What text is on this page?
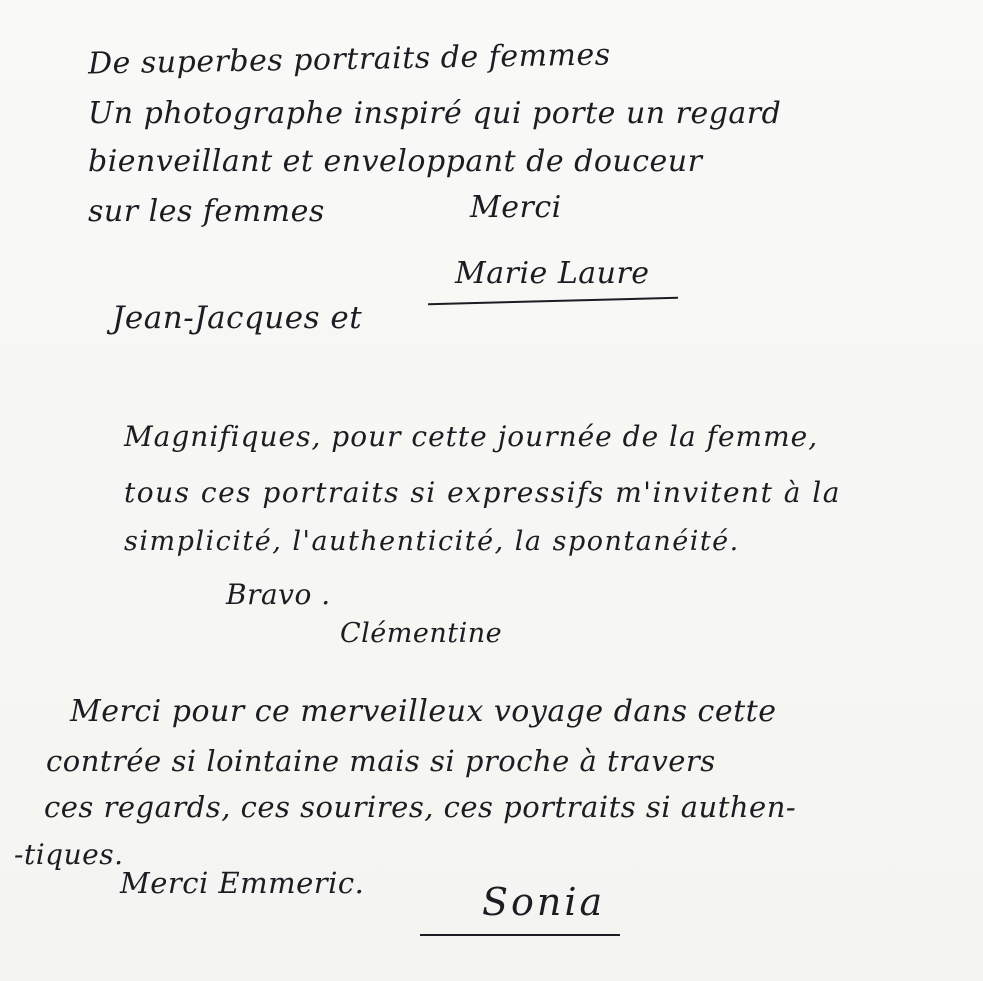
De superbes portraits de femmes
Un photographe inspiré qui porte un regard
bienveillant et enveloppant de douceur
sur les femmes	Merci
Jean-Jacques et
Marie Laure
Magnifiques, pour cette journée de la femme,
tous ces portraits si expressifs m'invitent à la
simplicité, l'authenticité, la spontanéité.
Bravo .
Clémentine
Merci pour ce merveilleux voyage dans cette
contrée si lointaine mais si proche à travers
ces regards, ces sourires, ces portraits si authen-
-tiques.
Merci Emmeric.	Sonia
